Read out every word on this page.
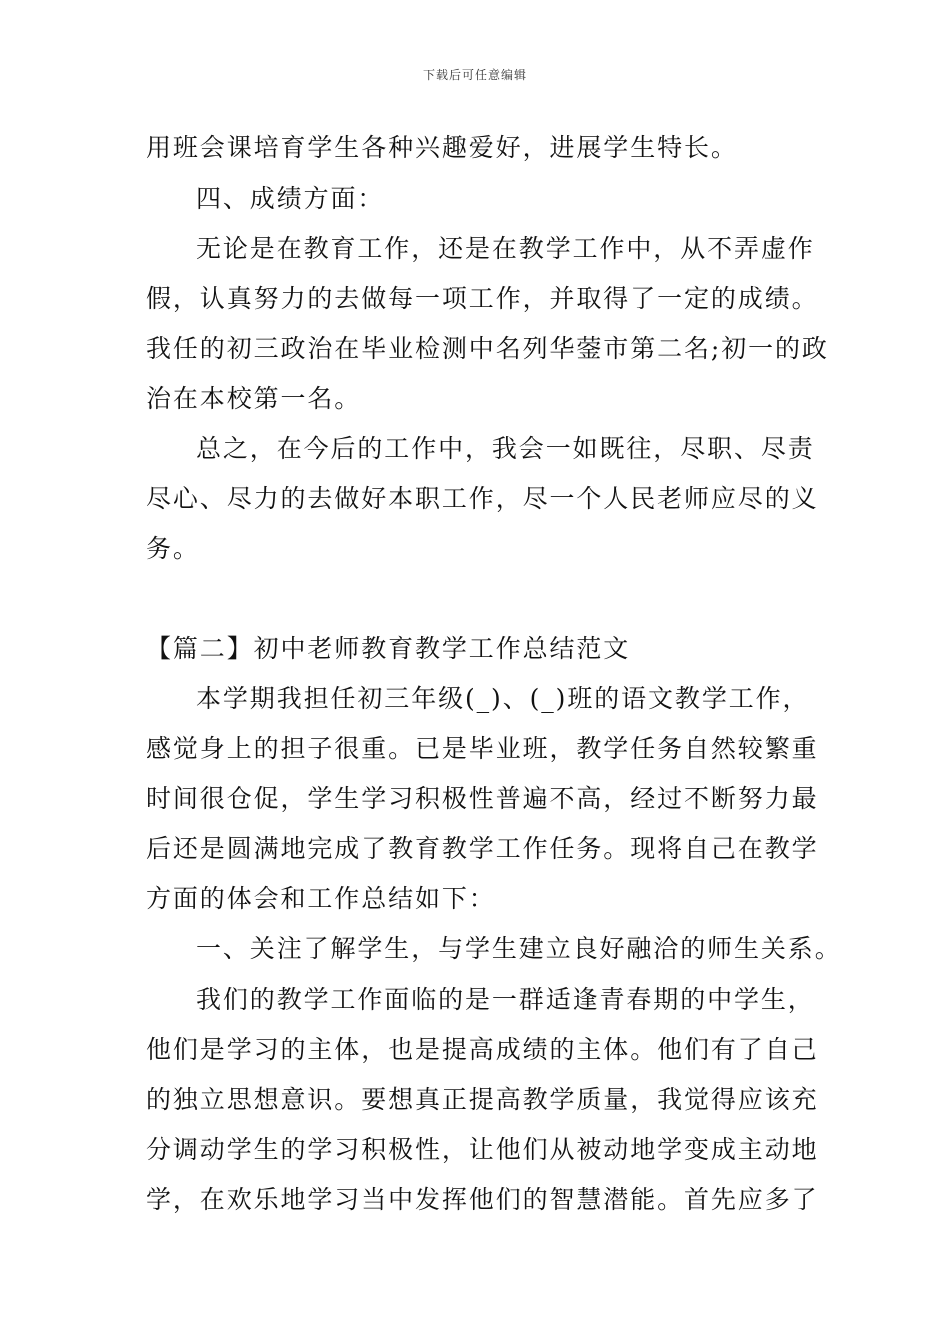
下载后可任意编辑
用班会课培育学生各种兴趣爱好，进展学生特长。
四、成绩方面：
无论是在教育工作，还是在教学工作中，从不弄虚作
假，认真努力的去做每一项工作，并取得了一定的成绩。
我任的初三政治在毕业检测中名列华蓥市第二名;初一的政
治在本校第一名。
总之，在今后的工作中，我会一如既往，尽职、尽责
尽心、尽力的去做好本职工作，尽一个人民老师应尽的义
务。
【篇二】初中老师教育教学工作总结范文
本学期我担任初三年级(_)、(_)班的语文教学工作，
感觉身上的担子很重。已是毕业班，教学任务自然较繁重
时间很仓促，学生学习积极性普遍不高，经过不断努力最
后还是圆满地完成了教育教学工作任务。现将自己在教学
方面的体会和工作总结如下：
一、关注了解学生，与学生建立良好融洽的师生关系。
我们的教学工作面临的是一群适逢青春期的中学生，
他们是学习的主体，也是提高成绩的主体。他们有了自己
的独立思想意识。要想真正提高教学质量，我觉得应该充
分调动学生的学习积极性，让他们从被动地学变成主动地
学，在欢乐地学习当中发挥他们的智慧潜能。首先应多了
